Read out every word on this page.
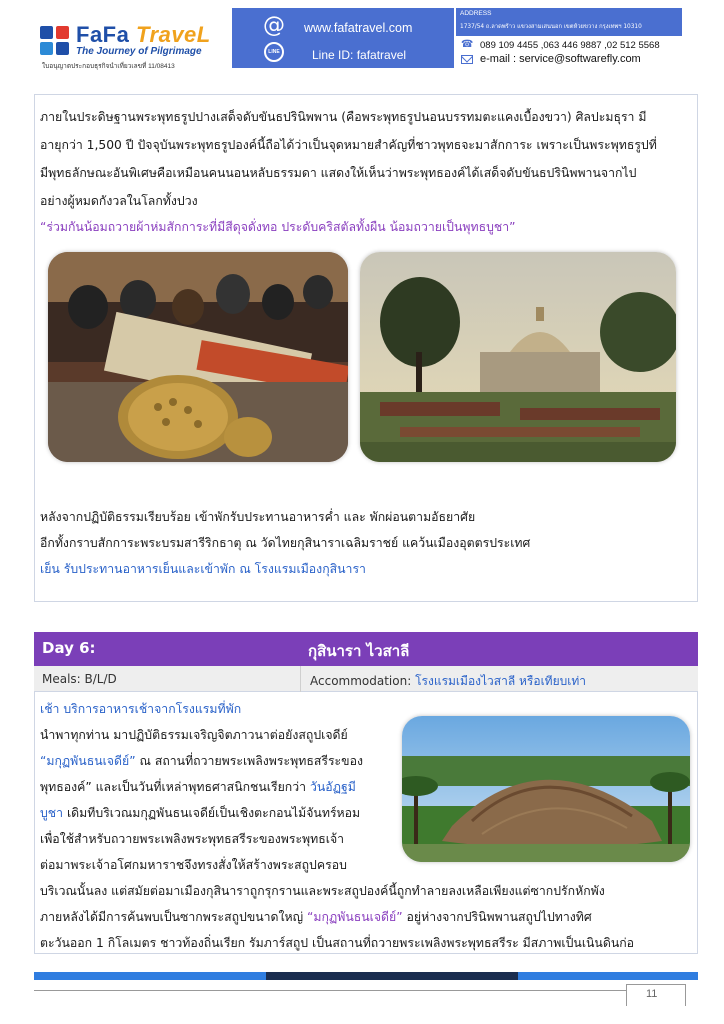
FaFa TraveL
The Journey of Pilgrimage
ใบอนุญาตประกอบธุรกิจนำเที่ยวเลขที่ 11/08413
@
LINE
www.fafatravel.com
Line ID: fafatravel
ADDRESS
1737/54 ถ.ลาดพร้าว แขวงสามเสนนอก เขตห้วยขวาง กรุงเทพฯ 10310
☎ 089 109 4455 ,063 446 9887 ,02 512 5568
e-mail : service@softwarefly.com
ภายในประดิษฐานพระพุทธรูปปางเสด็จดับขันธปรินิพพาน (คือพระพุทธรูปนอนบรรทมตะแคงเบื้องขวา) ศิลปะมธุรา มี
อายุกว่า 1,500 ปี ปัจจุบันพระพุทธรูปองค์นี้ถือได้ว่าเป็นจุดหมายสำคัญที่ชาวพุทธจะมาสักการะ เพราะเป็นพระพุทธรูปที่
มีพุทธลักษณะอันพิเศษคือเหมือนคนนอนหลับธรรมดา แสดงให้เห็นว่าพระพุทธองค์ได้เสด็จดับขันธปรินิพพานจากไป
อย่างผู้หมดกังวลในโลกทั้งปวง
“ร่วมกันน้อมถวายผ้าห่มสักการะที่มีสีดุจดั่งทอ ประดับคริสตัลทั้งผืน น้อมถวายเป็นพุทธบูชา”
หลังจากปฏิบัติธรรมเรียบร้อย เข้าพักรับประทานอาหารค่ำ และ พักผ่อนตามอัธยาศัย
อีกทั้งกราบสักการะพระบรมสารีริกธาตุ ณ วัดไทยกุสินาราเฉลิมราชย์ แคว้นเมืองอุตตรประเทศ
เย็น รับประทานอาหารเย็นและเข้าพัก ณ โรงแรมเมืองกุสินารา
Day 6:	กุสินารา ไวสาลี
Meals: B/L/D	Accommodation: โรงแรมเมืองไวสาลี หรือเทียบเท่า
เช้า บริการอาหารเช้าจากโรงแรมที่พัก
นำพาทุกท่าน มาปฏิบัติธรรมเจริญจิตภาวนาต่อยังสถูปเจดีย์
“มกุฏพันธนเจดีย์” ณ สถานที่ถวายพระเพลิงพระพุทธสรีระของ
พุทธองค์” และเป็นวันที่เหล่าพุทธศาสนิกชนเรียกว่า วันอัฏฐมี
บูชา เดิมทีบริเวณมกุฏพันธนเจดีย์เป็นเชิงตะกอนไม้จันทร์หอม
เพื่อใช้สำหรับถวายพระเพลิงพระพุทธสรีระของพระพุทธเจ้า
ต่อมาพระเจ้าอโศกมหาราชจึงทรงสั่งให้สร้างพระสถูปครอบ
บริเวณนั้นลง แต่สมัยต่อมาเมืองกุสินาราถูกรุกรานและพระสถูปองค์นี้ถูกทำลายลงเหลือเพียงแต่ซากปรักหักพัง
ภายหลังได้มีการค้นพบเป็นซากพระสถูปขนาดใหญ่ “มกุฏพันธนเจดีย์” อยู่ห่างจากปรินิพพานสถูปไปทางทิศ
ตะวันออก 1 กิโลเมตร ชาวท้องถิ่นเรียก รัมภาร์สถูป เป็นสถานที่ถวายพระเพลิงพระพุทธสรีระ มีสภาพเป็นเนินดินก่อ
11
